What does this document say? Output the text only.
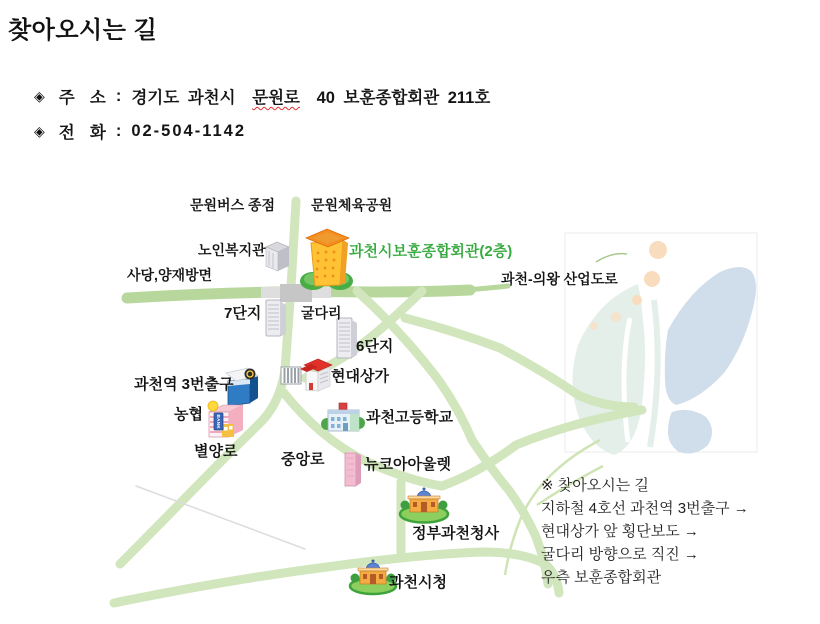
찾아오시는 길
◈ 주  소 : 경기도 과천시 문원로 40 보훈종합회관 211호
◈ 전  화 : 02-504-1142
BANK
문원버스 종점	문원체육공원
노인복지관	과천시보훈종합회관(2층)
사당,양재방면	과천-의왕 산업도로
7단지	굴다리
6단지
과천역 3번출구	현대상가
농협	과천고등학교
별양로	중앙로	뉴코아아울렛
정부과천청사
과천시청
※ 찾아오시는 길
지하철 4호선 과천역 3번출구 →
현대상가 앞 횡단보도 →
굴다리 방향으로 직진 →
우측 보훈종합회관
